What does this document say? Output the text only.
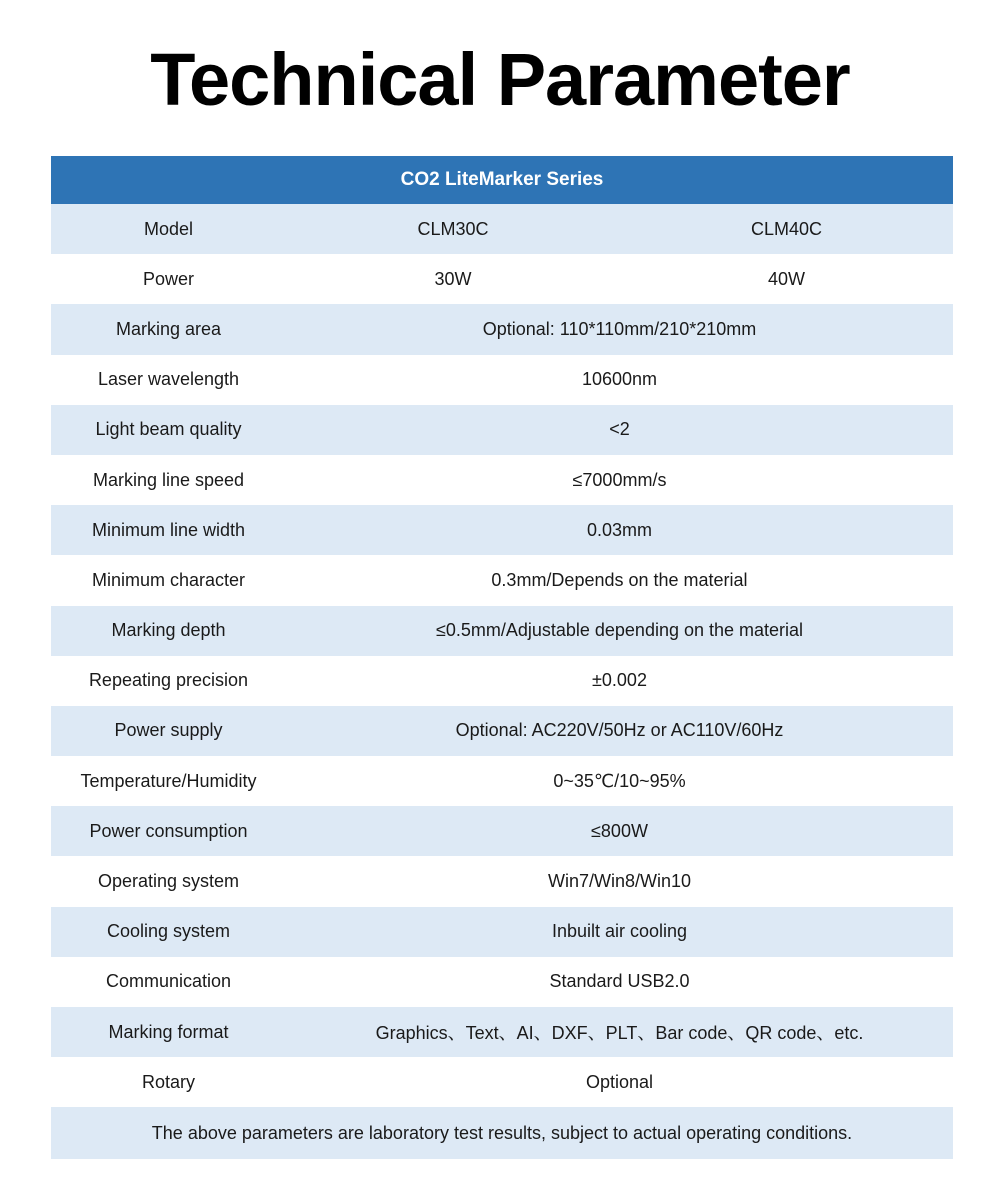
Technical Parameter
CO2 LiteMarker Series
Model	CLM30C	CLM40C
Power	30W	40W
Marking area	Optional: 110*110mm/210*210mm
Laser wavelength	10600nm
Light beam quality	<2
Marking line speed	≤7000mm/s
Minimum line width	0.03mm
Minimum character	0.3mm/Depends on the material
Marking depth	≤0.5mm/Adjustable depending on the material
Repeating precision	±0.002
Power supply	Optional: AC220V/50Hz or AC110V/60Hz
Temperature/Humidity	0~35℃/10~95%
Power consumption	≤800W
Operating system	Win7/Win8/Win10
Cooling system	Inbuilt air cooling
Communication	Standard USB2.0
Marking format	Graphics、Text、AI、DXF、PLT、Bar code、QR code、etc.
Rotary	Optional
The above parameters are laboratory test results, subject to actual operating conditions.
